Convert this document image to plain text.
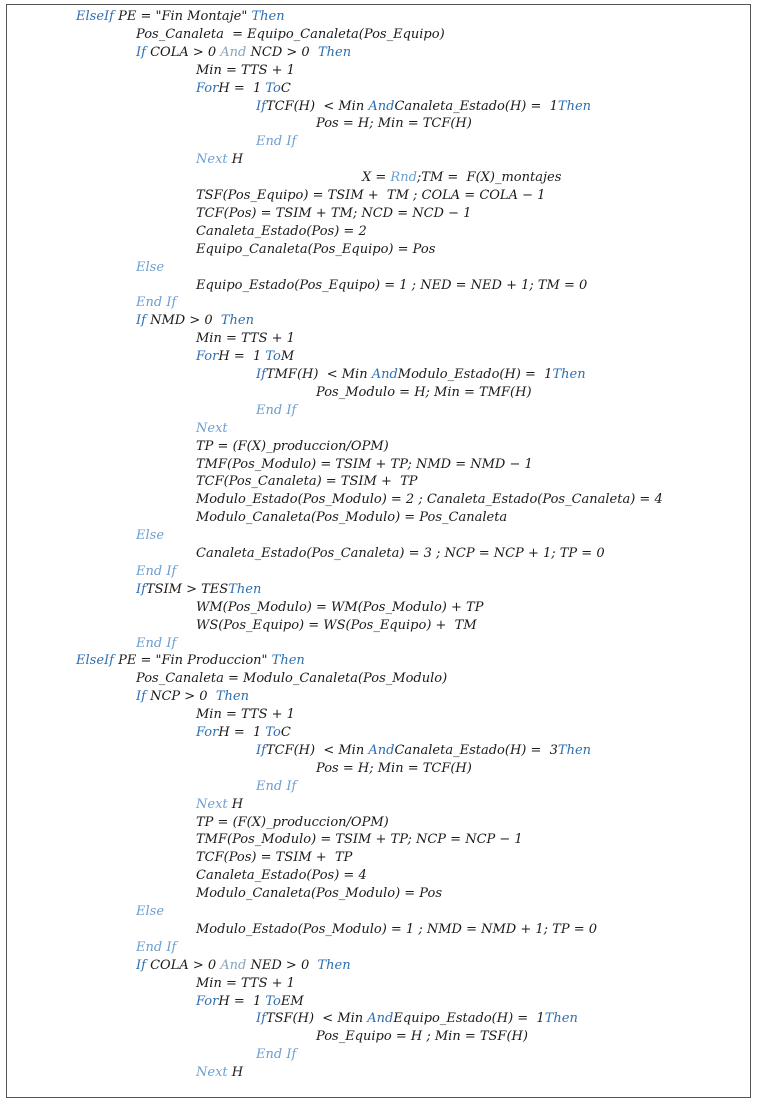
ElseIf PE = "Fin Montaje" Then
Pos_Canaleta  = Equipo_Canaleta(Pos_Equipo)
If COLA > 0 And NCD > 0  Then
Min = TTS + 1
ForH =  1 ToC
IfTCF(H)  < Min AndCanaleta_Estado(H) =  1Then
Pos = H; Min = TCF(H)
End If
Next H
X = Rnd;TM =  F(X)_montajes
TSF(Pos_Equipo) = TSIM +  TM ; COLA = COLA − 1
TCF(Pos) = TSIM + TM; NCD = NCD − 1
Canaleta_Estado(Pos) = 2
Equipo_Canaleta(Pos_Equipo) = Pos
Else
Equipo_Estado(Pos_Equipo) = 1 ; NED = NED + 1; TM = 0
End If
If NMD > 0  Then
Min = TTS + 1
ForH =  1 ToM
IfTMF(H)  < Min AndModulo_Estado(H) =  1Then
Pos_Modulo = H; Min = TMF(H)
End If
Next
TP = (F(X)_produccion/OPM)
TMF(Pos_Modulo) = TSIM + TP; NMD = NMD − 1
TCF(Pos_Canaleta) = TSIM +  TP
Modulo_Estado(Pos_Modulo) = 2 ; Canaleta_Estado(Pos_Canaleta) = 4
Modulo_Canaleta(Pos_Modulo) = Pos_Canaleta
Else
Canaleta_Estado(Pos_Canaleta) = 3 ; NCP = NCP + 1; TP = 0
End If
IfTSIM > TESThen
WM(Pos_Modulo) = WM(Pos_Modulo) + TP
WS(Pos_Equipo) = WS(Pos_Equipo) +  TM
End If
ElseIf PE = "Fin Produccion" Then
Pos_Canaleta = Modulo_Canaleta(Pos_Modulo)
If NCP > 0  Then
Min = TTS + 1
ForH =  1 ToC
IfTCF(H)  < Min AndCanaleta_Estado(H) =  3Then
Pos = H; Min = TCF(H)
End If
Next H
TP = (F(X)_produccion/OPM)
TMF(Pos_Modulo) = TSIM + TP; NCP = NCP − 1
TCF(Pos) = TSIM +  TP
Canaleta_Estado(Pos) = 4
Modulo_Canaleta(Pos_Modulo) = Pos
Else
Modulo_Estado(Pos_Modulo) = 1 ; NMD = NMD + 1; TP = 0
End If
If COLA > 0 And NED > 0  Then
Min = TTS + 1
ForH =  1 ToEM
IfTSF(H)  < Min AndEquipo_Estado(H) =  1Then
Pos_Equipo = H ; Min = TSF(H)
End If
Next H
